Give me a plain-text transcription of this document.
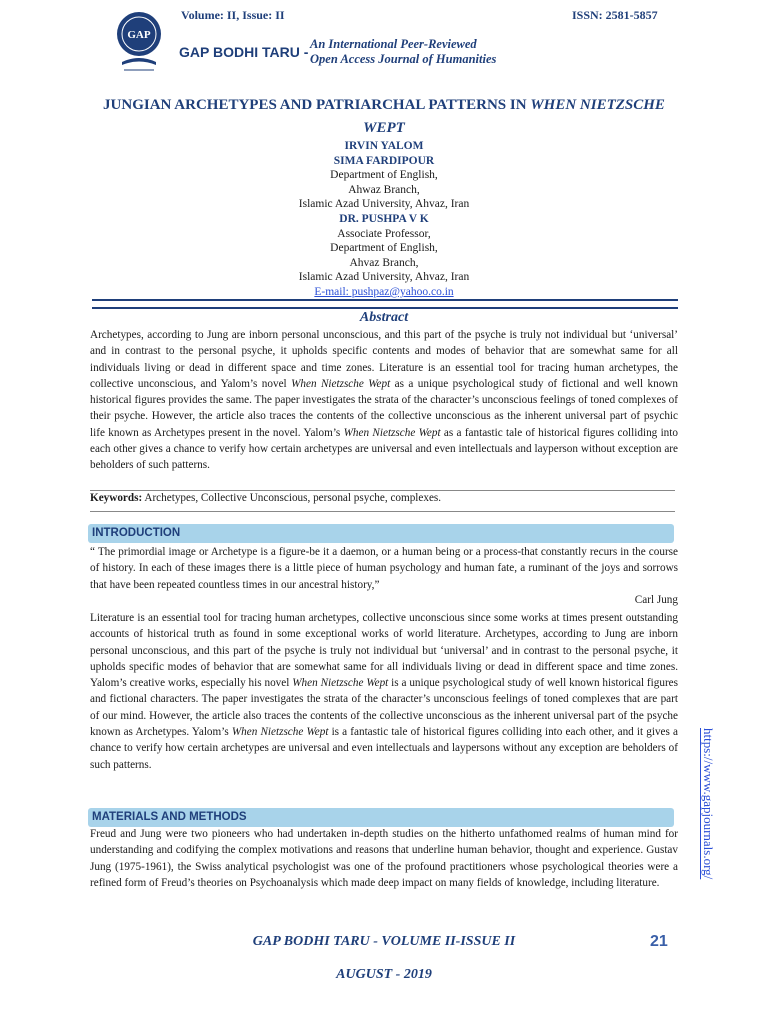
GAP
Volume: II, Issue: II	ISSN: 2581-5857
GAP BODHI TARU - An International Peer-Reviewed
Open Access Journal of Humanities
JUNGIAN ARCHETYPES AND PATRIARCHAL PATTERNS IN WHEN NIETZSCHE WEPT
IRVIN YALOM
SIMA FARDIPOUR
Department of English,
Ahwaz Branch,
Islamic Azad University, Ahvaz, Iran
DR. PUSHPA V K
Associate Professor,
Department of English,
Ahvaz Branch,
Islamic Azad University, Ahvaz, Iran
E-mail: pushpaz@yahoo.co.in
Abstract

Archetypes, according to Jung are inborn personal unconscious, and this part of the psyche is truly not individual but ‘universal’ and in contrast to the personal psyche, it upholds specific contents and modes of behavior that are somewhat same for all individuals living or dead in different space and time zones. Literature is an essential tool for tracing human archetypes, the collective unconscious, and Yalom’s novel When Nietzsche Wept as a unique psychological study of fictional and well known historical figures provides the same. The paper investigates the strata of the character’s unconscious feelings of toned complexes of their psyche. However, the article also traces the contents of the collective unconscious as the inherent universal part of psychic life known as Archetypes present in the novel. Yalom’s When Nietzsche Wept as a fantastic tale of historical figures colliding into each other gives a chance to verify how certain archetypes are universal and even intellectuals and layperson without exception are beholders of such patterns.

Keywords: Archetypes, Collective Unconscious, personal psyche, complexes.
INTRODUCTION

“ The primordial image or Archetype is a figure-be it a daemon, or a human being or a process-that constantly recurs in the course of history. In each of these images there is a little piece of human psychology and human fate, a ruminant of the joys and sorrows that have been repeated countless times in our ancestral history,”

Carl Jung

Literature is an essential tool for tracing human archetypes, collective unconscious since some works at times present outstanding accounts of historical truth as found in some exceptional works of world literature. Archetypes, according to Jung are inborn personal unconscious, and this part of the psyche is truly not individual but ‘universal’ and in contrast to the personal psyche, it upholds specific modes of behavior that are somewhat same for all individuals living or dead in different space and time zones. Yalom’s creative works, especially his novel When Nietzsche Wept is a unique psychological study of well known historical figures and fictional characters. The paper investigates the strata of the character’s unconscious feelings of toned complexes that are part of our mind. However, the article also traces the contents of the collective unconscious as the inherent universal part of the psyche known as Archetypes. Yalom’s When Nietzsche Wept is a fantastic tale of historical figures colliding into each other, and it gives a chance to verify how certain archetypes are universal and even intellectuals and laypersons without any exception are beholders of such patterns.

MATERIALS AND METHODS

Freud and Jung were two pioneers who had undertaken in-depth studies on the hitherto unfathomed realms of human mind for understanding and codifying the complex motivations and reasons that underline human behavior, thought and experience. Gustav Jung (1975-1961), the Swiss analytical psychologist was one of the profound practitioners whose psychological theories were a refined form of Freud’s theories on Psychoanalysis which made deep impact on many fields of knowledge, including literature.

https://www.gapjournals.org/
GAP BODHI TARU - VOLUME II-ISSUE II	21
AUGUST - 2019
